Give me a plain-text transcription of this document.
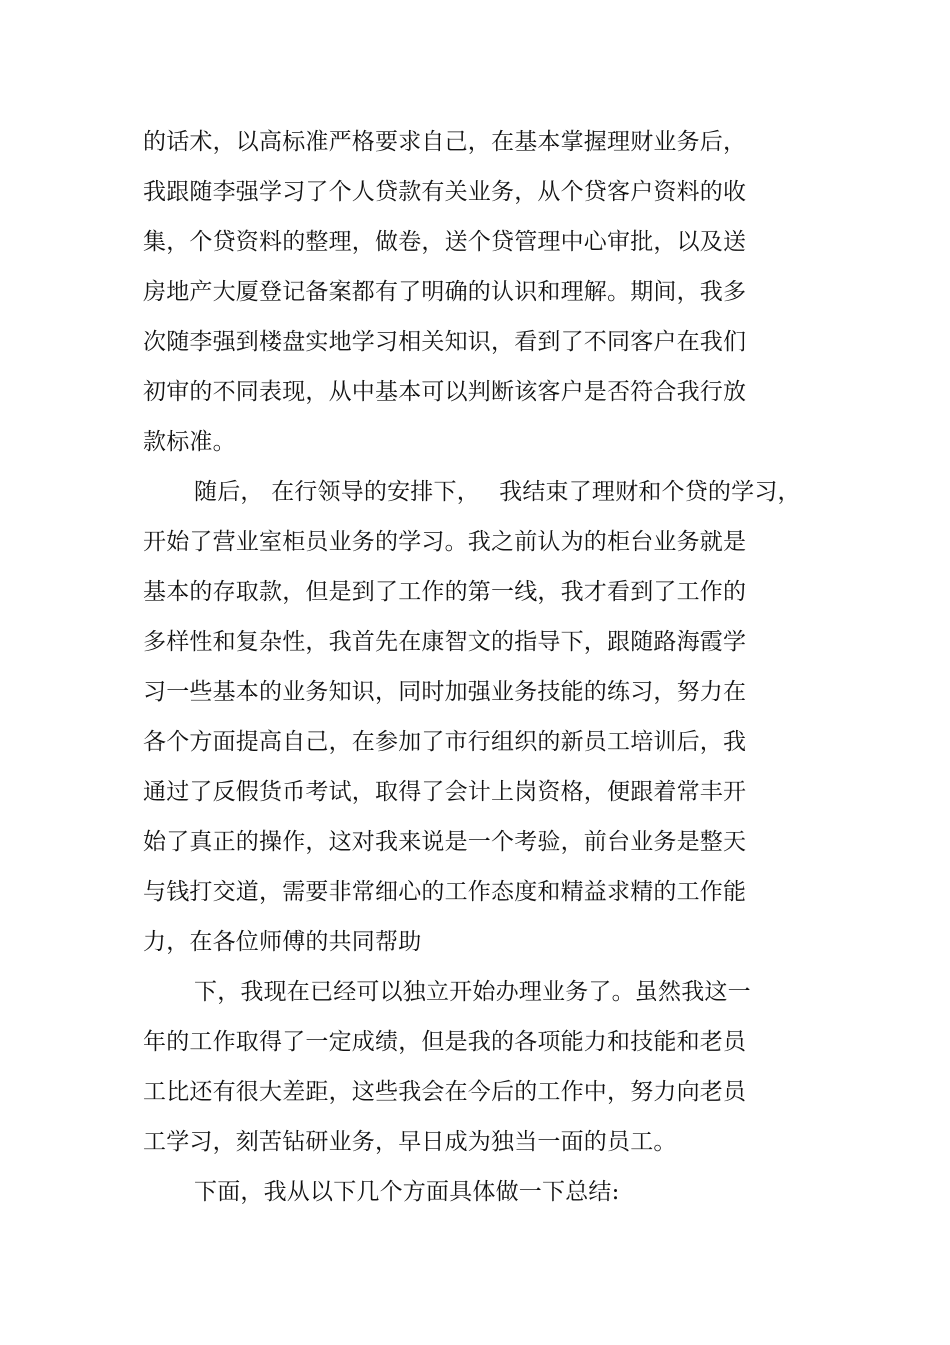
的话术，以高标准严格要求自己，在基本掌握理财业务后，
我跟随李强学习了个人贷款有关业务，从个贷客户资料的收
集，个贷资料的整理，做卷，送个贷管理中心审批，以及送
房地产大厦登记备案都有了明确的认识和理解。期间，我多
次随李强到楼盘实地学习相关知识，看到了不同客户在我们
初审的不同表现，从中基本可以判断该客户是否符合我行放
款标准。
随后， 在行领导的安排下，　 我结束了理财和个贷的学习，
开始了营业室柜员业务的学习。我之前认为的柜台业务就是
基本的存取款，但是到了工作的第一线，我才看到了工作的
多样性和复杂性，我首先在康智文的指导下，跟随路海霞学
习一些基本的业务知识，同时加强业务技能的练习，努力在
各个方面提高自己，在参加了市行组织的新员工培训后，我
通过了反假货币考试，取得了会计上岗资格，便跟着常丰开
始了真正的操作，这对我来说是一个考验，前台业务是整天
与钱打交道，需要非常细心的工作态度和精益求精的工作能
力，在各位师傅的共同帮助
下，我现在已经可以独立开始办理业务了。虽然我这一
年的工作取得了一定成绩，但是我的各项能力和技能和老员
工比还有很大差距，这些我会在今后的工作中，努力向老员
工学习，刻苦钻研业务，早日成为独当一面的员工。
下面，我从以下几个方面具体做一下总结:
